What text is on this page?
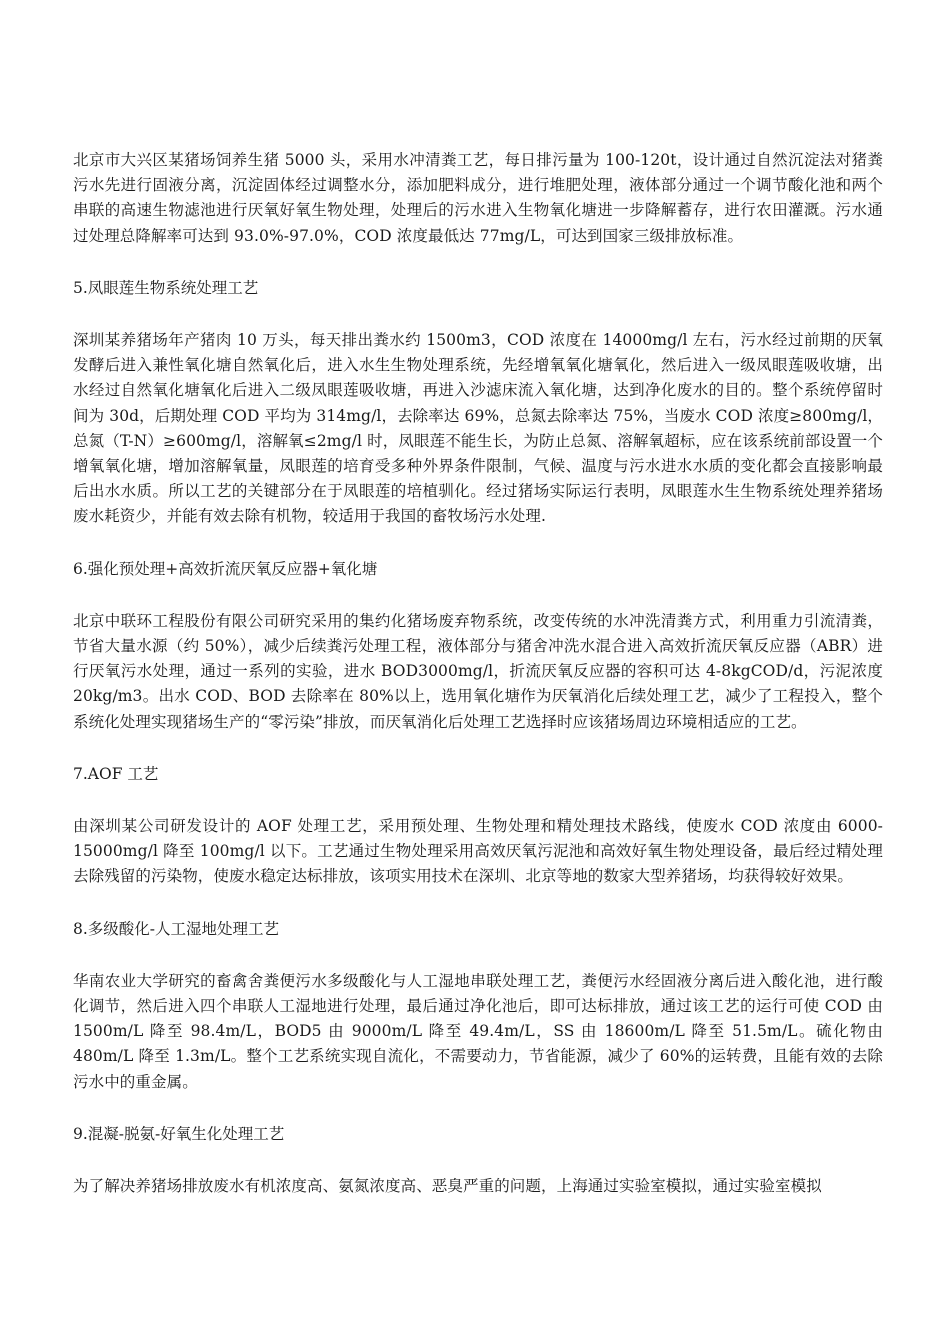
北京市大兴区某猪场饲养生猪 5000 头，采用水冲清粪工艺，每日排污量为 100-120t，设计通过自然沉淀法对猪粪污水先进行固液分离，沉淀固体经过调整水分，添加肥料成分，进行堆肥处理，液体部分通过一个调节酸化池和两个串联的高速生物滤池进行厌氧好氧生物处理，处理后的污水进入生物氧化塘进一步降解蓄存，进行农田灌溉。污水通过处理总降解率可达到 93.0%-97.0%，COD 浓度最低达 77mg/L，可达到国家三级排放标准。

5.凤眼莲生物系统处理工艺

深圳某养猪场年产猪肉 10 万头，每天排出粪水约 1500m3，COD 浓度在 14000mg/l 左右，污水经过前期的厌氧发酵后进入兼性氧化塘自然氧化后，进入水生生物处理系统，先经增氧氧化塘氧化，然后进入一级凤眼莲吸收塘，出水经过自然氧化塘氧化后进入二级凤眼莲吸收塘，再进入沙滤床流入氧化塘，达到净化废水的目的。整个系统停留时间为 30d，后期处理 COD 平均为 314mg/l，去除率达 69%，总氮去除率达 75%，当废水 COD 浓度≥800mg/l，总氮（T-N）≥600mg/l，溶解氧≤2mg/l 时，凤眼莲不能生长，为防止总氮、溶解氧超标，应在该系统前部设置一个增氧氧化塘，增加溶解氧量，凤眼莲的培育受多种外界条件限制，气候、温度与污水进水水质的变化都会直接影响最后出水水质。所以工艺的关键部分在于凤眼莲的培植驯化。经过猪场实际运行表明，凤眼莲水生生物系统处理养猪场废水耗资少，并能有效去除有机物，较适用于我国的畜牧场污水处理.

6.强化预处理+高效折流厌氧反应器+氧化塘

北京中联环工程股份有限公司研究采用的集约化猪场废弃物系统，改变传统的水冲洗清粪方式，利用重力引流清粪，节省大量水源（约 50%），减少后续粪污处理工程，液体部分与猪舍冲洗水混合进入高效折流厌氧反应器（ABR）进行厌氧污水处理，通过一系列的实验，进水 BOD3000mg/l，折流厌氧反应器的容积可达 4-8kgCOD/d，污泥浓度 20kg/m3。出水 COD、BOD 去除率在 80%以上，选用氧化塘作为厌氧消化后续处理工艺，减少了工程投入，整个系统化处理实现猪场生产的“零污染”排放，而厌氧消化后处理工艺选择时应该猪场周边环境相适应的工艺。

7.AOF 工艺

由深圳某公司研发设计的 AOF 处理工艺，采用预处理、生物处理和精处理技术路线，使废水 COD 浓度由 6000-15000mg/l 降至 100mg/l 以下。工艺通过生物处理采用高效厌氧污泥池和高效好氧生物处理设备，最后经过精处理去除残留的污染物，使废水稳定达标排放，该项实用技术在深圳、北京等地的数家大型养猪场，均获得较好效果。

8.多级酸化-人工湿地处理工艺

华南农业大学研究的畜禽舍粪便污水多级酸化与人工湿地串联处理工艺，粪便污水经固液分离后进入酸化池，进行酸化调节，然后进入四个串联人工湿地进行处理，最后通过净化池后，即可达标排放，通过该工艺的运行可使 COD 由 1500m/L 降至 98.4m/L，BOD5 由 9000m/L 降至 49.4m/L，SS 由 18600m/L 降至 51.5m/L。硫化物由 480m/L 降至 1.3m/L。整个工艺系统实现自流化，不需要动力，节省能源，减少了 60%的运转费，且能有效的去除污水中的重金属。

9.混凝-脱氨-好氧生化处理工艺

为了解决养猪场排放废水有机浓度高、氨氮浓度高、恶臭严重的问题，上海通过实验室模拟，通过实验室模拟
